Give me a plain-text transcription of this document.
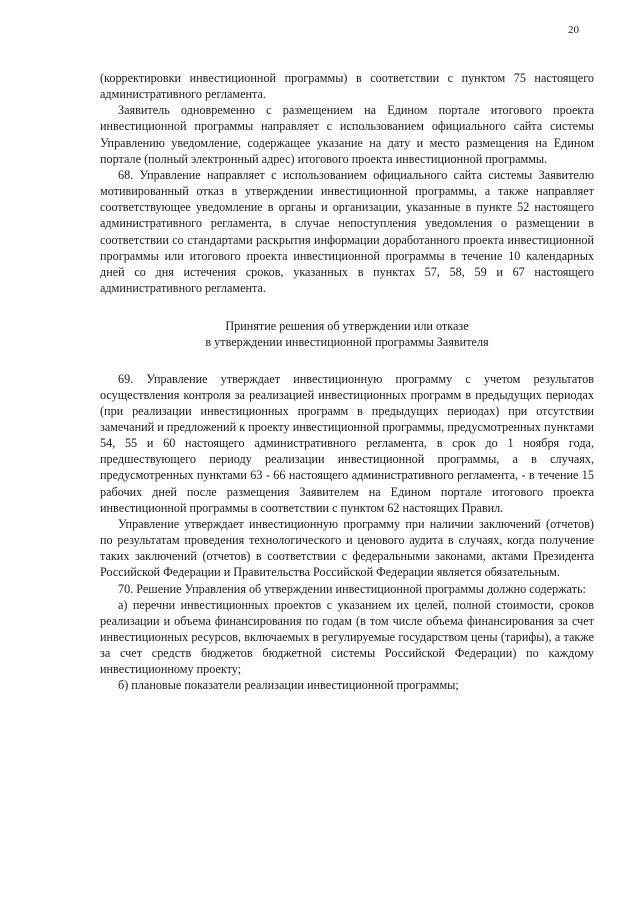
20

(корректировки инвестиционной программы) в соответствии с пунктом 75 настоящего административного регламента.

Заявитель одновременно с размещением на Едином портале итогового проекта инвестиционной программы направляет с использованием официального сайта системы Управлению уведомление, содержащее указание на дату и место размещения на Едином портале (полный электронный адрес) итогового проекта инвестиционной программы.

68. Управление направляет с использованием официального сайта системы Заявителю мотивированный отказ в утверждении инвестиционной программы, а также направляет соответствующее уведомление в органы и организации, указанные в пункте 52 настоящего административного регламента, в случае непоступления уведомления о размещении в соответствии со стандартами раскрытия информации доработанного проекта инвестиционной программы или итогового проекта инвестиционной программы в течение 10 календарных дней со дня истечения сроков, указанных в пунктах 57, 58, 59 и 67 настоящего административного регламента.

Принятие решения об утверждении или отказе
в утверждении инвестиционной программы Заявителя

69. Управление утверждает инвестиционную программу с учетом результатов осуществления контроля за реализацией инвестиционных программ в предыдущих периодах (при реализации инвестиционных программ в предыдущих периодах) при отсутствии замечаний и предложений к проекту инвестиционной программы, предусмотренных пунктами 54, 55 и 60 настоящего административного регламента, в срок до 1 ноября года, предшествующего периоду реализации инвестиционной программы, а в случаях, предусмотренных пунктами 63 - 66 настоящего административного регламента, - в течение 15 рабочих дней после размещения Заявителем на Едином портале итогового проекта инвестиционной программы в соответствии с пунктом 62 настоящих Правил.

Управление утверждает инвестиционную программу при наличии заключений (отчетов) по результатам проведения технологического и ценового аудита в случаях, когда получение таких заключений (отчетов) в соответствии с федеральными законами, актами Президента Российской Федерации и Правительства Российской Федерации является обязательным.

70. Решение Управления об утверждении инвестиционной программы должно содержать:

а) перечни инвестиционных проектов с указанием их целей, полной стоимости, сроков реализации и объема финансирования по годам (в том числе объема финансирования за счет инвестиционных ресурсов, включаемых в регулируемые государством цены (тарифы), а также за счет средств бюджетов бюджетной системы Российской Федерации) по каждому инвестиционному проекту;

б) плановые показатели реализации инвестиционной программы;
